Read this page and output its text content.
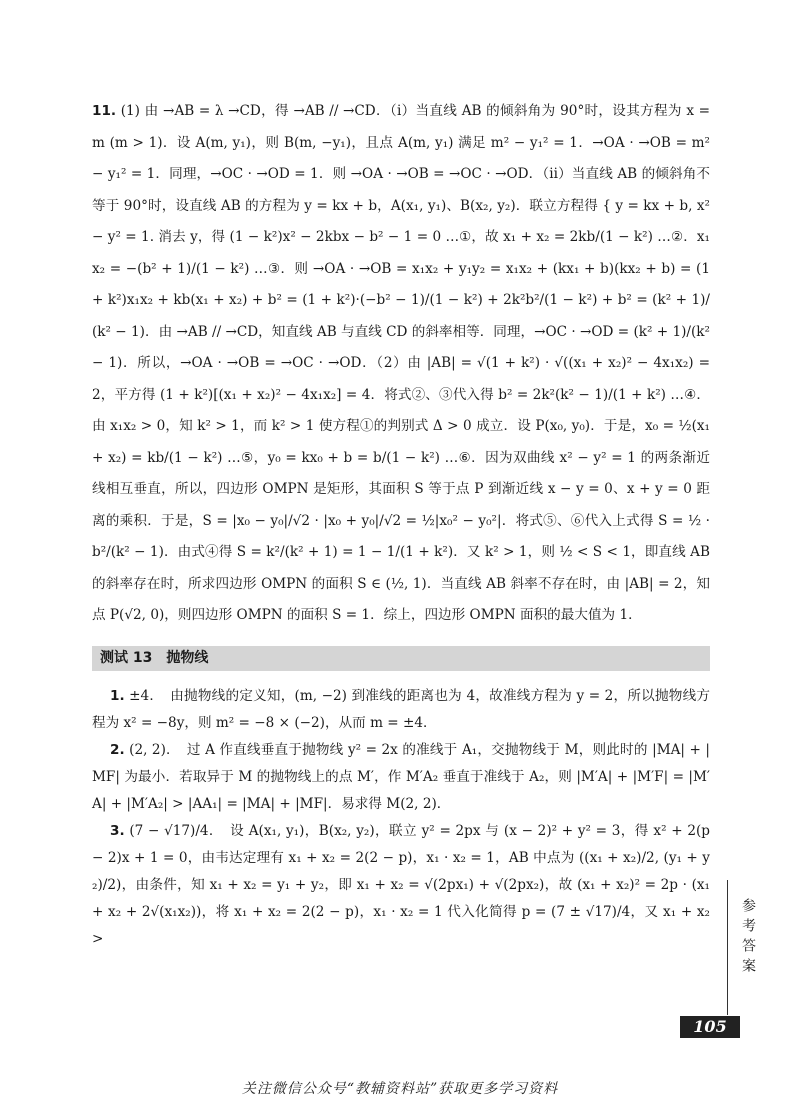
11. (1) 由 →AB = λ →CD，得 →AB // →CD．（i）当直线 AB 的倾斜角为 90°时，设其方程为 x = m (m > 1)．设 A(m, y₁)，则 B(m, −y₁)，且点 A(m, y₁) 满足 m² − y₁² = 1．→OA · →OB = m² − y₁² = 1．同理，→OC · →OD = 1．则 →OA · →OB = →OC · →OD．（ii）当直线 AB 的倾斜角不等于 90°时，设直线 AB 的方程为 y = kx + b，A(x₁, y₁)、B(x₂, y₂)．联立方程得 { y = kx + b, x² − y² = 1. 消去 y，得 (1 − k²)x² − 2kbx − b² − 1 = 0 …①，故 x₁ + x₂ = 2kb/(1 − k²) …②．x₁x₂ = −(b² + 1)/(1 − k²) …③．则 →OA · →OB = x₁x₂ + y₁y₂ = x₁x₂ + (kx₁ + b)(kx₂ + b) = (1 + k²)x₁x₂ + kb(x₁ + x₂) + b² = (1 + k²)·(−b² − 1)/(1 − k²) + 2k²b²/(1 − k²) + b² = (k² + 1)/(k² − 1)．由 →AB // →CD，知直线 AB 与直线 CD 的斜率相等．同理，→OC · →OD = (k² + 1)/(k² − 1)．所以，→OA · →OB = →OC · →OD．（2）由 |AB| = √(1 + k²) · √((x₁ + x₂)² − 4x₁x₂) = 2，平方得 (1 + k²)[(x₁ + x₂)² − 4x₁x₂] = 4．将式②、③代入得 b² = 2k²(k² − 1)/(1 + k²) …④．由 x₁x₂ > 0，知 k² > 1，而 k² > 1 使方程①的判别式 Δ > 0 成立．设 P(x₀, y₀)．于是，x₀ = ½(x₁ + x₂) = kb/(1 − k²) …⑤，y₀ = kx₀ + b = b/(1 − k²) …⑥．因为双曲线 x² − y² = 1 的两条渐近线相互垂直，所以，四边形 OMPN 是矩形，其面积 S 等于点 P 到渐近线 x − y = 0、x + y = 0 距离的乘积．于是，S = |x₀ − y₀|/√2 · |x₀ + y₀|/√2 = ½|x₀² − y₀²|．将式⑤、⑥代入上式得 S = ½ · b²/(k² − 1)．由式④得 S = k²/(k² + 1) = 1 − 1/(1 + k²)．又 k² > 1，则 ½ < S < 1，即直线 AB 的斜率存在时，所求四边形 OMPN 的面积 S ∈ (½, 1)．当直线 AB 斜率不存在时，由 |AB| = 2，知点 P(√2, 0)，则四边形 OMPN 的面积 S = 1．综上，四边形 OMPN 面积的最大值为 1．

测试 13 抛物线

1. ±4．　由抛物线的定义知，(m, −2) 到准线的距离也为 4，故准线方程为 y = 2，所以抛物线方程为 x² = −8y，则 m² = −8 × (−2)，从而 m = ±4．

2. (2, 2)．　过 A 作直线垂直于抛物线 y² = 2x 的准线于 A₁，交抛物线于 M，则此时的 |MA| + |MF| 为最小．若取异于 M 的抛物线上的点 M′，作 M′A₂ 垂直于准线于 A₂，则 |M′A| + |M′F| = |M′A| + |M′A₂| > |AA₁| = |MA| + |MF|．易求得 M(2, 2)．

3. (7 − √17)/4．　设 A(x₁, y₁)，B(x₂, y₂)，联立 y² = 2px 与 (x − 2)² + y² = 3，得 x² + 2(p − 2)x + 1 = 0，由韦达定理有 x₁ + x₂ = 2(2 − p)，x₁ · x₂ = 1，AB 中点为 ((x₁ + x₂)/2, (y₁ + y₂)/2)，由条件，知 x₁ + x₂ = y₁ + y₂，即 x₁ + x₂ = √(2px₁) + √(2px₂)，故 (x₁ + x₂)² = 2p · (x₁ + x₂ + 2√(x₁x₂))，将 x₁ + x₂ = 2(2 − p)，x₁ · x₂ = 1 代入化简得 p = (7 ± √17)/4，又 x₁ + x₂ >	参考答案
105
关注微信公众号“教辅资料站”获取更多学习资料
